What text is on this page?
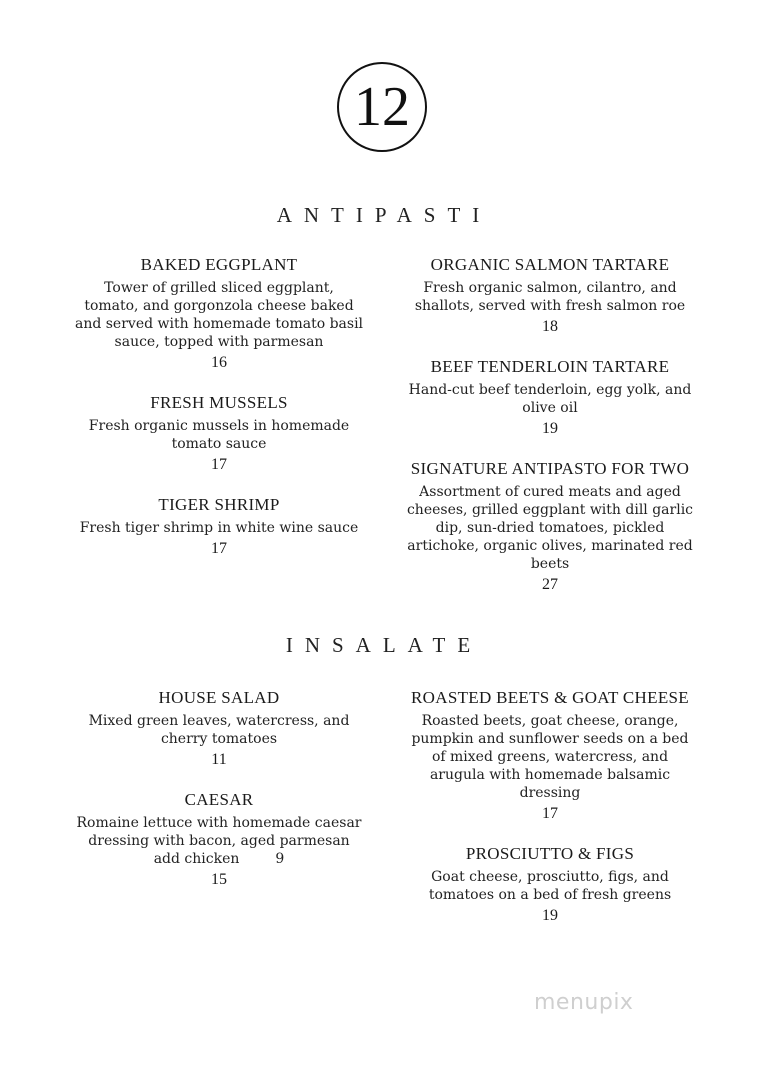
12
ANTIPASTI
BAKED EGGPLANT
Tower of grilled sliced eggplant,
tomato, and gorgonzola cheese baked
and served with homemade tomato basil
sauce, topped with parmesan
16
FRESH MUSSELS
Fresh organic mussels in homemade
tomato sauce
17
TIGER SHRIMP
Fresh tiger shrimp in white wine sauce
17
ORGANIC SALMON TARTARE
Fresh organic salmon, cilantro, and
shallots, served with fresh salmon roe
18
BEEF TENDERLOIN TARTARE
Hand-cut beef tenderloin, egg yolk, and
olive oil
19
SIGNATURE ANTIPASTO FOR TWO
Assortment of cured meats and aged
cheeses, grilled eggplant with dill garlic
dip, sun-dried tomatoes, pickled
artichoke, organic olives, marinated red
beets
27
INSALATE
HOUSE SALAD
Mixed green leaves, watercress, and
cherry tomatoes
11
CAESAR
Romaine lettuce with homemade caesar
dressing with bacon, aged parmesan
add chicken	9
15
ROASTED BEETS & GOAT CHEESE
Roasted beets, goat cheese, orange,
pumpkin and sunflower seeds on a bed
of mixed greens, watercress, and
arugula with homemade balsamic
dressing
17
PROSCIUTTO & FIGS
Goat cheese, prosciutto, figs, and
tomatoes on a bed of fresh greens
19
menupix
